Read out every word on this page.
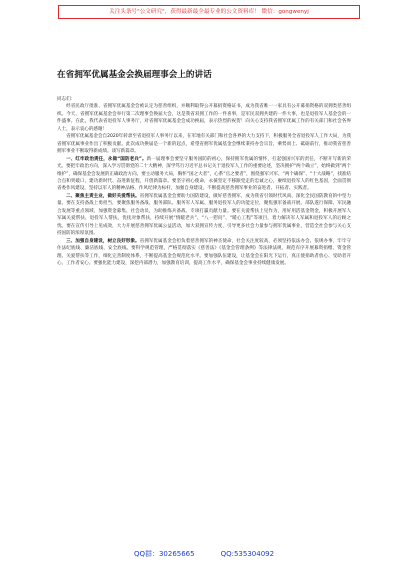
关注头条号"公文研究"，获得最新最全最专业的公文资料库！ 微信：gongwenyj
在省拥军优属基金会换届理事会上的讲话

同志们：

经省民政厅批准、省拥军优属基金会被认定为慈善组织，并顺利取得公开募捐资格证书，成为我省唯一一家具有公开募捐资格的双拥类慈善组织。今天，省拥军优属基金会举行第二次理事会换届大会，这是我省双拥工作的一件喜事，是军民双拥共建的一件大事，也是退役军人基金会的一件盛事。在此，我代表省退役军人事务厅，对省拥军优属基金会成功换届，表示热烈的祝贺！向关心支持我省拥军优属工作的有关部门和社会各界人士，表示衷心的感谢！

省拥军优属基金会自2020年转隶至省退役军人事务厅以来，在军地有关部门和社会各界的大力支持下，积极服务全省退役军人工作大局，为我省拥军优属事业作出了积极贡献。此次成功换届是一个新的起点，希望省拥军优属基金会继续秉持办会宗旨，乘势而上、砥砺前行，推动我省慈善拥军事业不断取得新成绩。谈写新篇章。

一、红牢政治责任，永做“国防老兵”。新一届理事会要坚守服务国防的初心，保持拥军优属的情怀，扛起强国兴军的责任，不断开写新的荣光。要把牢政治方向，深入学习贯彻党的二十大精神，深学笃行习近平总书记关于退役军人工作的重要论述，坚决拥护“两个确立”，始终做到“两个维护”，确保基金会发展的正确政治方向。要主动服务大局，胸怀“国之大者”，心系“官之要者”，围绕强军兴军、“两个确保”、“十大战略”，找准结合点和突破口，建功新时代、奋进新征程，开创新篇章。要坚守初心使命，永葆坚定不移跟党走的忠诚之心，赓续退役军人的红色基因，全面贯彻省委作风建设，坚持以军人的精神品格、作风纪律为标杆，加强自身建设，不断提高慈善拥军事业的奋进者、开拓者、实践者。

二、聚焦主责主业，做好关爱帮扶。省拥军优属基金会要助力国防建设，做好慈善拥军，成为我省引领时代风尚、深化全民国防教育的中坚力量。要在支持备战上勇担当，要聚焦服务备战、服务部队、服务军人军属、服务退役军人的功能定位，聚焦强军备战开展、部队遂行保障、军民融合发展等重点领域，加强资金募集、社会动员，为助推练兵备战、专项打赢贡献力量。要在关爱帮扶上见作为，用好用活基金资金，积极开展军人军属关爱帮扶、退役军人帮扶、优抚对象帮扶，持续开展“情暖老兵”、“八一慰问”、“暖心工程”等项目，着力解决军人军属和退役军人的后顾之忧。要在宣传引导上见成效，大力开展慈善拥军优属公益活动，加大双拥宣传力度，引导更多社会力量参与拥军优属事业，营造全社会参与关心支持国防的浓厚氛围。

三、加强自身建设，树立良好形象。省拥军优属基金会担负着慈善拥军的神圣使命，社会关注度较高，必须坚持依法办会、依规办事，牢牢守住法纪底线、廉洁底线、安全底线。要科学规范管理，严格贯彻落实《慈善法》《基金会管理条例》等法律法规，规范有序开展募资捐赠、资金管理、关爱帮扶等工作，细化完善制度体系，不断提高基金会规范化水平。要加强队伍建设，让基金会在阳光下运行，真正使捐助者放心、受助者开心、工作者安心。要强化能力建设，深挖内部潜力，加强教育培训，提高工作水平，确保基金会事业持续健康发展。

QQ群：30265665	QQ:535304092
